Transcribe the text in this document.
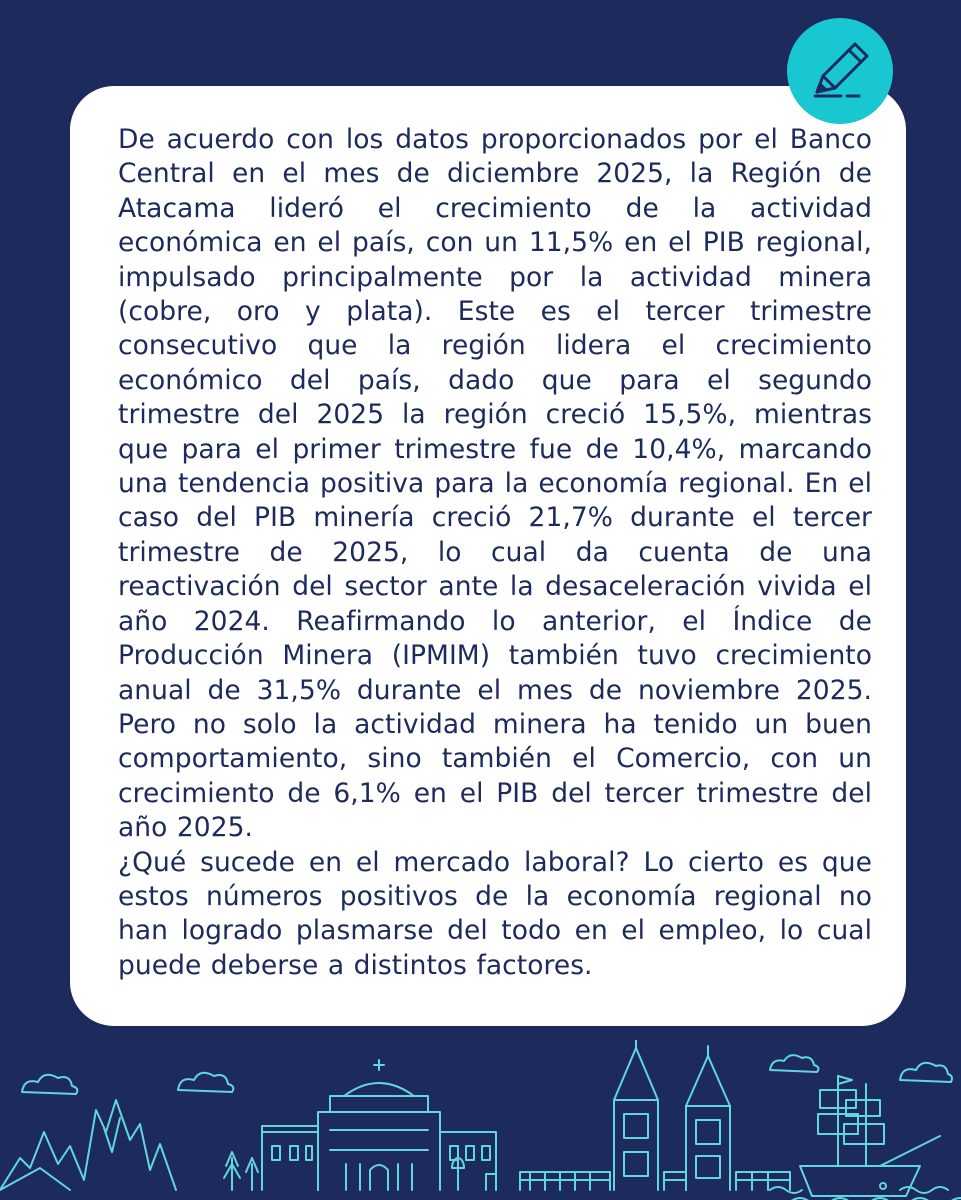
De acuerdo con los datos proporcionados por el Banco Central en el mes de diciembre 2025, la Región de Atacama lideró el crecimiento de la actividad económica en el país, con un 11,5% en el PIB regional, impulsado principalmente por la actividad minera (cobre, oro y plata). Este es el tercer trimestre consecutivo que la región lidera el crecimiento económico del país, dado que para el segundo trimestre del 2025 la región creció 15,5%, mientras que para el primer trimestre fue de 10,4%, marcando una tendencia positiva para la economía regional. En el caso del PIB minería creció 21,7% durante el tercer trimestre de 2025, lo cual da cuenta de una reactivación del sector ante la desaceleración vivida el año 2024. Reafirmando lo anterior, el Índice de Producción Minera (IPMIM) también tuvo crecimiento anual de 31,5% durante el mes de noviembre 2025. Pero no solo la actividad minera ha tenido un buen comportamiento, sino también el Comercio, con un crecimiento de 6,1% en el PIB del tercer trimestre del año 2025.

¿Qué sucede en el mercado laboral? Lo cierto es que estos números positivos de la economía regional no han logrado plasmarse del todo en el empleo, lo cual puede deberse a distintos factores.
